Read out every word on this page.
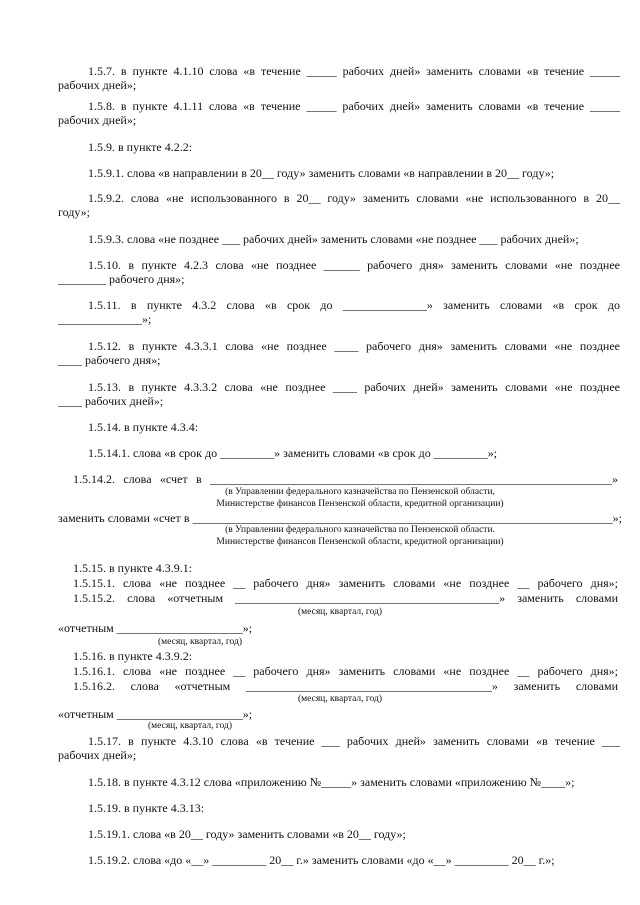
1.5.7. в пункте 4.1.10 слова «в течение _____ рабочих дней» заменить словами «в течение _____
рабочих дней»;
1.5.8. в пункте 4.1.11 слова «в течение _____ рабочих дней» заменить словами «в течение _____
рабочих дней»;
1.5.9. в пункте 4.2.2:
1.5.9.1. слова «в направлении в 20__ году» заменить словами «в направлении в 20__ году»;
1.5.9.2. слова «не использованного в 20__ году» заменить словами «не использованного в 20__
году»;
1.5.9.3. слова «не позднее ___ рабочих дней» заменить словами «не позднее ___ рабочих дней»;
1.5.10. в пункте 4.2.3 слова «не позднее ______ рабочего дня» заменить словами «не позднее
________ рабочего дня»;
1.5.11. в пункте 4.3.2 слова «в срок до ______________» заменить словами «в срок до
______________»;
1.5.12. в пункте 4.3.3.1 слова «не позднее ____ рабочего дня» заменить словами «не позднее
____ рабочего дня»;
1.5.13. в пункте 4.3.3.2 слова «не позднее ____ рабочих дней» заменить словами «не позднее
____ рабочих дней»;
1.5.14. в пункте 4.3.4:
1.5.14.1. слова «в срок до _________» заменить словами «в срок до _________»;
1.5.14.2. слова «счет в ___________________________________________________________________»
(в Управлении федерального казначейства по Пензенской области,
Министерстве финансов Пензенской области, кредитной организации)
заменить словами «счет в ______________________________________________________________________»;
(в Управлении федерального казначейства по Пензенской области.
Министерстве финансов Пензенской области, кредитной организации)
1.5.15. в пункте 4.3.9.1:
1.5.15.1. слова «не позднее __ рабочего дня» заменить словами «не позднее __ рабочего дня»;
1.5.15.2. слова «отчетным ____________________________________________» заменить словами
(месяц, квартал, год)
«отчетным _____________________»;
(месяц, квартал, год)
1.5.16. в пункте 4.3.9.2:
1.5.16.1. слова «не позднее __ рабочего дня» заменить словами «не позднее __ рабочего дня»;
1.5.16.2. слова «отчетным _________________________________________» заменить словами
(месяц, квартал, год)
«отчетным _____________________»;
(месяц, квартал, год)
1.5.17. в пункте 4.3.10 слова «в течение ___ рабочих дней» заменить словами «в течение ___
рабочих дней»;
1.5.18. в пункте 4.3.12 слова «приложению №_____» заменить словами «приложению №____»;
1.5.19. в пункте 4.3.13:
1.5.19.1. слова «в 20__ году» заменить словами «в 20__ году»;
1.5.19.2. слова «до «__» _________ 20__ г.» заменить словами «до «__» _________ 20__ г.»;
